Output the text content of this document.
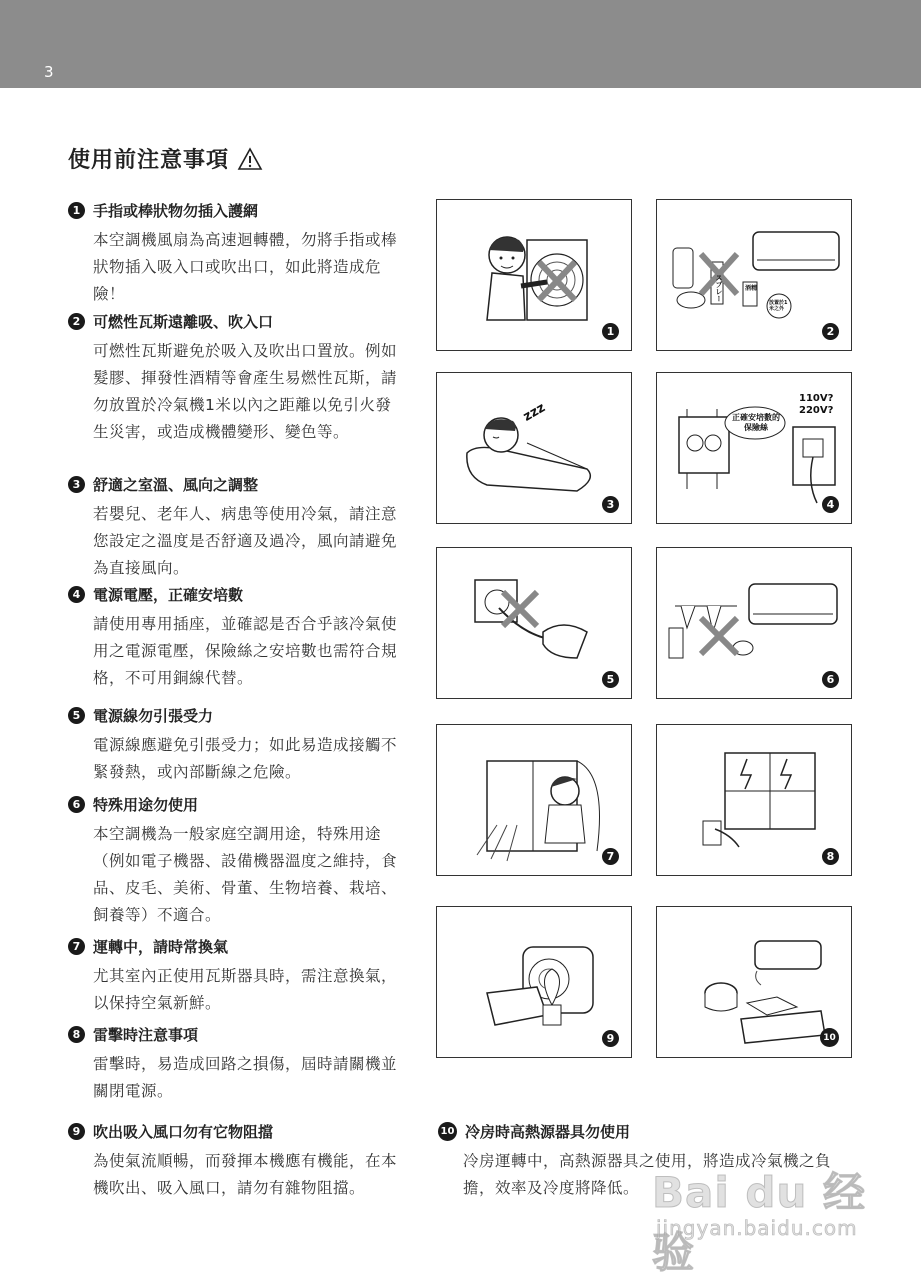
3
使用前注意事項
1 手指或棒狀物勿插入護網
本空調機風扇為高速迴轉體，勿將手指或棒狀物插入吸入口或吹出口，如此將造成危險！
2 可燃性瓦斯遠離吸、吹入口
可燃性瓦斯避免於吸入及吹出口置放。例如髮膠、揮發性酒精等會產生易燃性瓦斯，請勿放置於冷氣機1米以內之距離以免引火發生災害，或造成機體變形、變色等。
3 舒適之室溫、風向之調整
若嬰兒、老年人、病患等使用冷氣，請注意您設定之溫度是否舒適及過冷，風向請避免為直接風向。
4 電源電壓，正確安培數
請使用專用插座，並確認是否合乎該冷氣使用之電源電壓，保險絲之安培數也需符合規格，不可用銅線代替。
5 電源線勿引張受力
電源線應避免引張受力；如此易造成接觸不緊發熱，或內部斷線之危險。
6 特殊用途勿使用
本空調機為一般家庭空調用途，特殊用途（例如電子機器、設備機器溫度之維持，食品、皮毛、美術、骨董、生物培養、栽培、飼養等）不適合。
7 運轉中，請時常換氣
尤其室內正使用瓦斯器具時，需注意換氣，以保持空氣新鮮。
8 雷擊時注意事項
雷擊時，易造成回路之損傷，屆時請關機並關閉電源。
9 吹出吸入風口勿有它物阻擋
為使氣流順暢，而發揮本機應有機能，在本機吹出、吸入風口，請勿有雜物阻擋。
10 冷房時高熱源器具勿使用
冷房運轉中，高熱源器具之使用，將造成冷氣機之負擔，效率及冷度將降低。
1
スプレー	酒精
放置於1米之外
2
zzz
3
正確安培數的保險絲
110V?
220V?
4
5	6
7	8
9	10
Bai du 经验
jingyan.baidu.com
